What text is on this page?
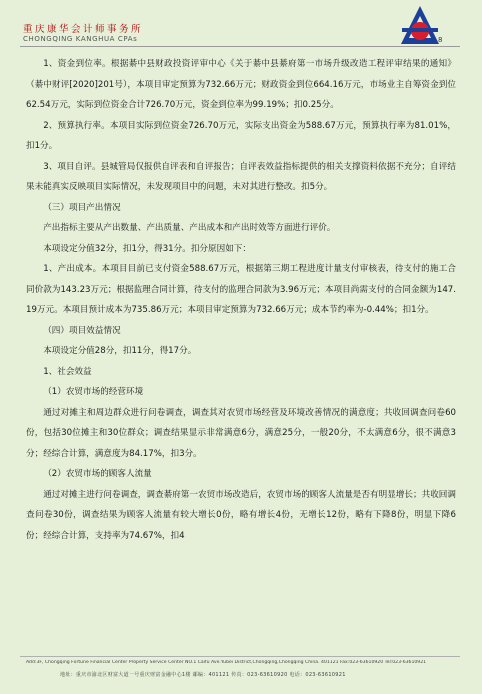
重庆康华会计师事务所
CHONGQING KANGHUA CPAs	8

1、资金到位率。根据綦中县财政投资评审中心《关于綦中县綦府第一市场升级改造工程评审结果的通知》（綦中财评[2020]201号），本项目审定预算为732.66万元；财政资金到位664.16万元，市场业主自筹资金到位62.54万元，实际到位资金合计726.70万元，资金到位率为99.19%；扣0.25分。

2、预算执行率。本项目实际到位资金726.70万元，实际支出资金为588.67万元，预算执行率为81.01%，扣1分。

3、项目自评。县城管局仅报供自评表和自评报告；自评表效益指标提供的相关支撑资料依据不充分；自评结果未能真实反映项目实际情况，未发现项目中的问题，未对其进行整改。扣5分。

（三）项目产出情况

产出指标主要从产出数量、产出质量、产出成本和产出时效等方面进行评价。

本项设定分值32分，扣1分，得31分。扣分原因如下：

1、产出成本。本项目目前已支付资金588.67万元，根据第三期工程进度计量支付审核表，待支付的施工合同价款为143.23万元；根据监理合同计算，待支付的监理合同款为3.96万元；本项目尚需支付的合同金额为147.19万元。本项目预计成本为735.86万元；本项目审定预算为732.66万元；成本节约率为-0.44%；扣1分。

（四）项目效益情况

本项设定分值28分，扣11分，得17分。

1、社会效益

（1）农贸市场的经营环境

通过对摊主和周边群众进行问卷调查，调查其对农贸市场经营及环境改善情况的满意度；共收回调查问卷60份，包括30位摊主和30位群众；调查结果显示非常满意6分，满意25分，一般20分，不太满意6分，很不满意3分；经综合计算，满意度为84.17%，扣3分。

（2）农贸市场的顾客人流量

通过对摊主进行问卷调查，调查綦府第一农贸市场改造后，农贸市场的顾客人流量是否有明显增长；共收回调查问卷30份，调查结果为顾客人流量有较大增长0份，略有增长4份，无增长12份，略有下降8份，明显下降6份；经综合计算，支持率为74.67%，扣4

Add:3F, Chongqing Fortune Financial Center Property Service Center NO.1 Caifu Ave.Yubei District,Chongqing,Chongqing China. 401121 Fax:023-63610920 Tel:023-63610921
地址：重庆市渝北区财富大道一号重庆财富金融中心1楼 邮编：401121 传真：023-63610920 电话：023-63610921
